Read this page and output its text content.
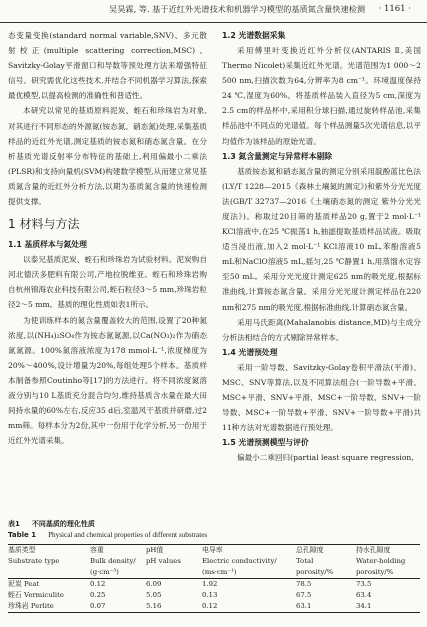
吴昊霖, 等. 基于近红外光谱技术和机器学习模型的基质氮含量快速检测 · 1161 ·

态变量变换(standard normal variable,SNV)、多元散射校正(multiple scattering correction,MSC)、Savitzky-Golay平滑窗口和导数等预处理方法来增强特征信号。研究需优化这些技术,并结合不同机器学习算法,探索最优模型,以提高检测的准确性和普适性。

本研究以常见的基质原料泥炭、蛭石和珍珠岩为对象,对其进行不同形态的外源氮(铵态氮、硝态氮)处理,采集基质样品的近红外光谱,测定基质的铵态氮和硝态氮含量。在分析基质光谱反射率分布特征的基础上,利用偏最小二乘法(PLSR)和支持向量机(SVM)构建数学模型,从而建立常见基质氮含量的近红外分析方法,以期为基质氮含量的快速检测提供支撑。

1 材料与方法
1.1 基质样本与氮处理

以泰兄基质泥炭、蛭石和珍珠岩为试验材料。泥炭购自河北德沃多肥料有限公司,产地拉脱维亚。蛭石和珍珠岩购自杭州锦海农业科技有限公司,蛭石粒径3～5 mm,珍珠岩粒径2～5 mm。基质的理化性质如表1所示。

为使训练样本的氮含量覆盖较大的范围,设置了20种氮浓度,以(NH₄)₂SO₄作为铵态氮氮源,以Ca(NO₃)₂作为硝态氮氮源。100%氮溶液浓度为178 mmol·L⁻¹,浓度梯度为20%～400%,设计增量为20%,每组处理5个样本。基质样本制备参照Coutinho等[17]的方法进行。将不同浓度氮溶液分别与10 L基质充分混合均匀,维持基质含水量在最大田间持水量的60%左右,反应35 d后,室温风干基质并研磨,过2 mm筛。每样本分为2份,其中一份用于化学分析,另一份用于近红外光谱采集。

1.2 光谱数据采集

采用傅里叶变换近红外分析仪(ANTARIS Ⅱ,美国Thermo Nicolet)采集近红外光谱。光谱范围为1 000～2 500 nm,扫描次数为64,分辨率为8 cm⁻¹。环境温度保持24 ℃,湿度为60%。将基质样品装入直径为5 cm,深度为2.5 cm的样品杯中,采用积分球扫描,通过旋转样品池,采集样品池中不同点的光谱值。每个样品测量5次光谱信息,以平均值作为该样品的原始光谱。

1.3 氮含量测定与异常样本剔除

基质铵态氮和硝态氮含量的测定分别采用靛酚蓝比色法(LY/T 1228—2015《森林土壤氮的测定》)和紫外分光光度法(GB/T 32737—2016《土壤硝态氮的测定 紫外分光光度法》)。称取过20目筛的基质样品20 g,置于2 mol·L⁻¹ KCl溶液中,在25 ℃振荡1 h,抽滤提取基质样品试液。吸取适当浸出液,加入2 mol·L⁻¹ KCl溶液10 mL,苯酚溶液5 mL和NaClO溶液5 mL,摇匀,25 ℃静置1 h,用蒸馏水定容至50 mL。采用分光光度计测定625 nm的吸光度,根据标准曲线,计算铵态氮含量。采用分光光度计测定样品在220 nm和275 nm的吸光度,根据标准曲线,计算硝态氮含量。

采用马氏距离(Mahalanobis distance,MD)与主成分分析法相结合的方式剔除异常样本。

1.4 光谱预处理

采用一阶导数、Savitzky-Golay卷积平滑法(平滑)、MSC、SNV等算法,以及不同算法组合(一阶导数+平滑、MSC+平滑、SNV+平滑、MSC+一阶导数、SNV+一阶导数、MSC+一阶导数+平滑、SNV+一阶导数+平滑)共11种方法对光谱数据进行预处理。

1.5 光谱预测模型与评价

偏最小二乘回归(partial least square regression,

表1 不同基质的理化性质
Table 1 Physical and chemical properties of different substrates
基质类型	容重	pH值	电导率	总孔隙度	持水孔隙度
Substrate type	Bulk density/	pH values	Electric conductivity/	Total	Water-holding
	(g·cm⁻³)		(ms·cm⁻¹)	porosity/%	porosity/%
泥炭 Peat	0.12	6.09	1.92	78.5	73.5
蛭石 Vermiculite	0.25	5.05	0.13	67.5	63.4
珍珠岩 Perlite	0.07	5.16	0.12	63.1	34.1
